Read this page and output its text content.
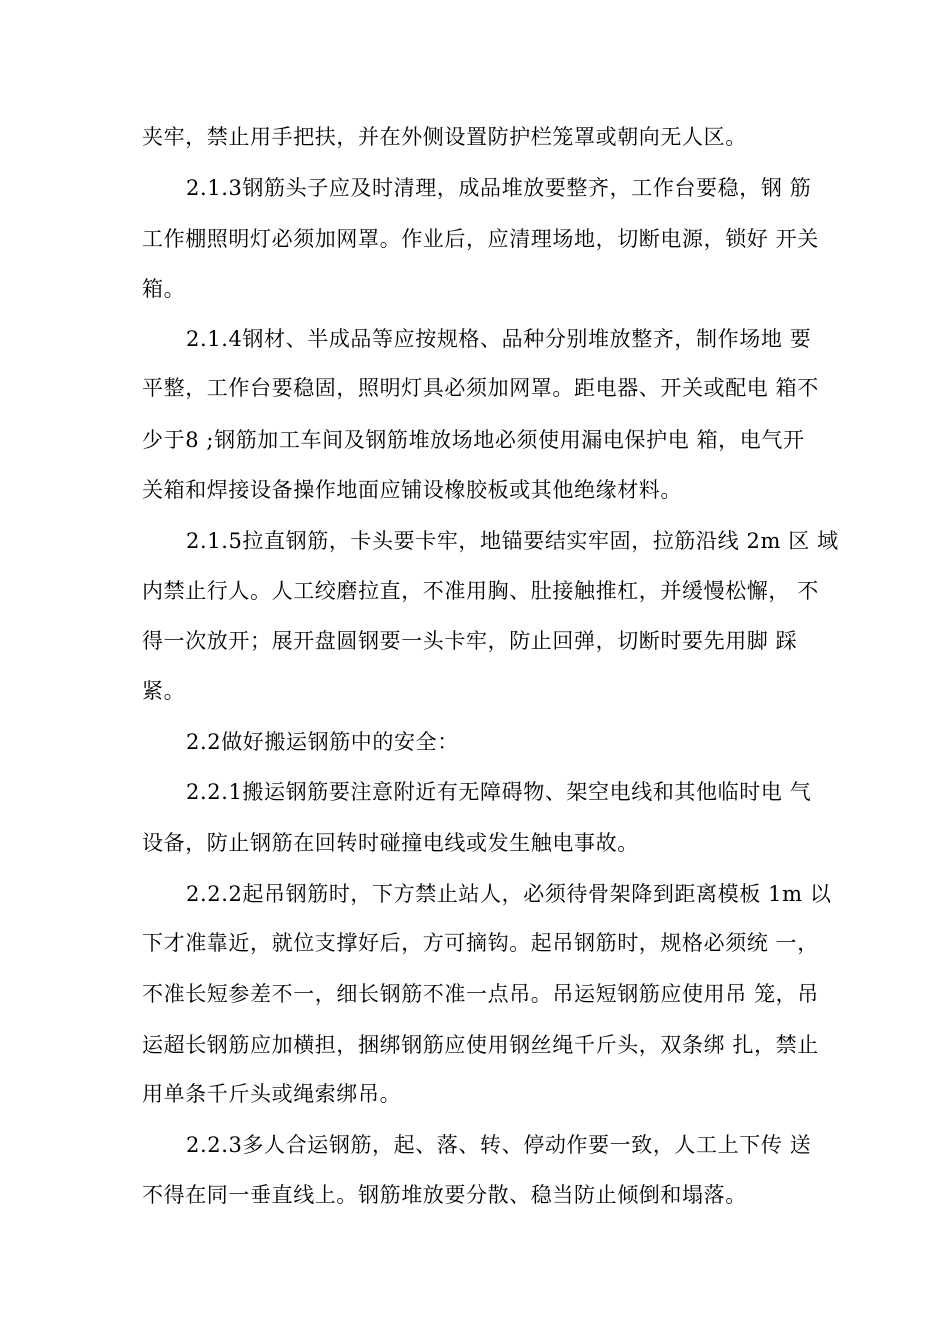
夹牢，禁止用手把扶，并在外侧设置防护栏笼罩或朝向无人区。
2.1.3钢筋头子应及时清理，成品堆放要整齐，工作台要稳，钢 筋
工作棚照明灯必须加网罩。作业后，应清理场地，切断电源，锁好 开关
箱。
2.1.4钢材、半成品等应按规格、品种分别堆放整齐，制作场地 要
平整，工作台要稳固，照明灯具必须加网罩。距电器、开关或配电 箱不
少于8 ;钢筋加工车间及钢筋堆放场地必须使用漏电保护电 箱，电气开
关箱和焊接设备操作地面应铺设橡胶板或其他绝缘材料。
2.1.5拉直钢筋，卡头要卡牢，地锚要结实牢固，拉筋沿线 2m 区 域
内禁止行人。人工绞磨拉直，不准用胸、肚接触推杠，并缓慢松懈， 不
得一次放开；展开盘圆钢要一头卡牢，防止回弹，切断时要先用脚 踩
紧。
2.2做好搬运钢筋中的安全：
2.2.1搬运钢筋要注意附近有无障碍物、架空电线和其他临时电 气
设备，防止钢筋在回转时碰撞电线或发生触电事故。
2.2.2起吊钢筋时，下方禁止站人，必须待骨架降到距离模板 1m 以
下才准靠近，就位支撑好后，方可摘钩。起吊钢筋时，规格必须统 一，
不准长短参差不一，细长钢筋不准一点吊。吊运短钢筋应使用吊 笼，吊
运超长钢筋应加横担，捆绑钢筋应使用钢丝绳千斤头，双条绑 扎，禁止
用单条千斤头或绳索绑吊。
2.2.3多人合运钢筋，起、落、转、停动作要一致，人工上下传 送
不得在同一垂直线上。钢筋堆放要分散、稳当防止倾倒和塌落。
